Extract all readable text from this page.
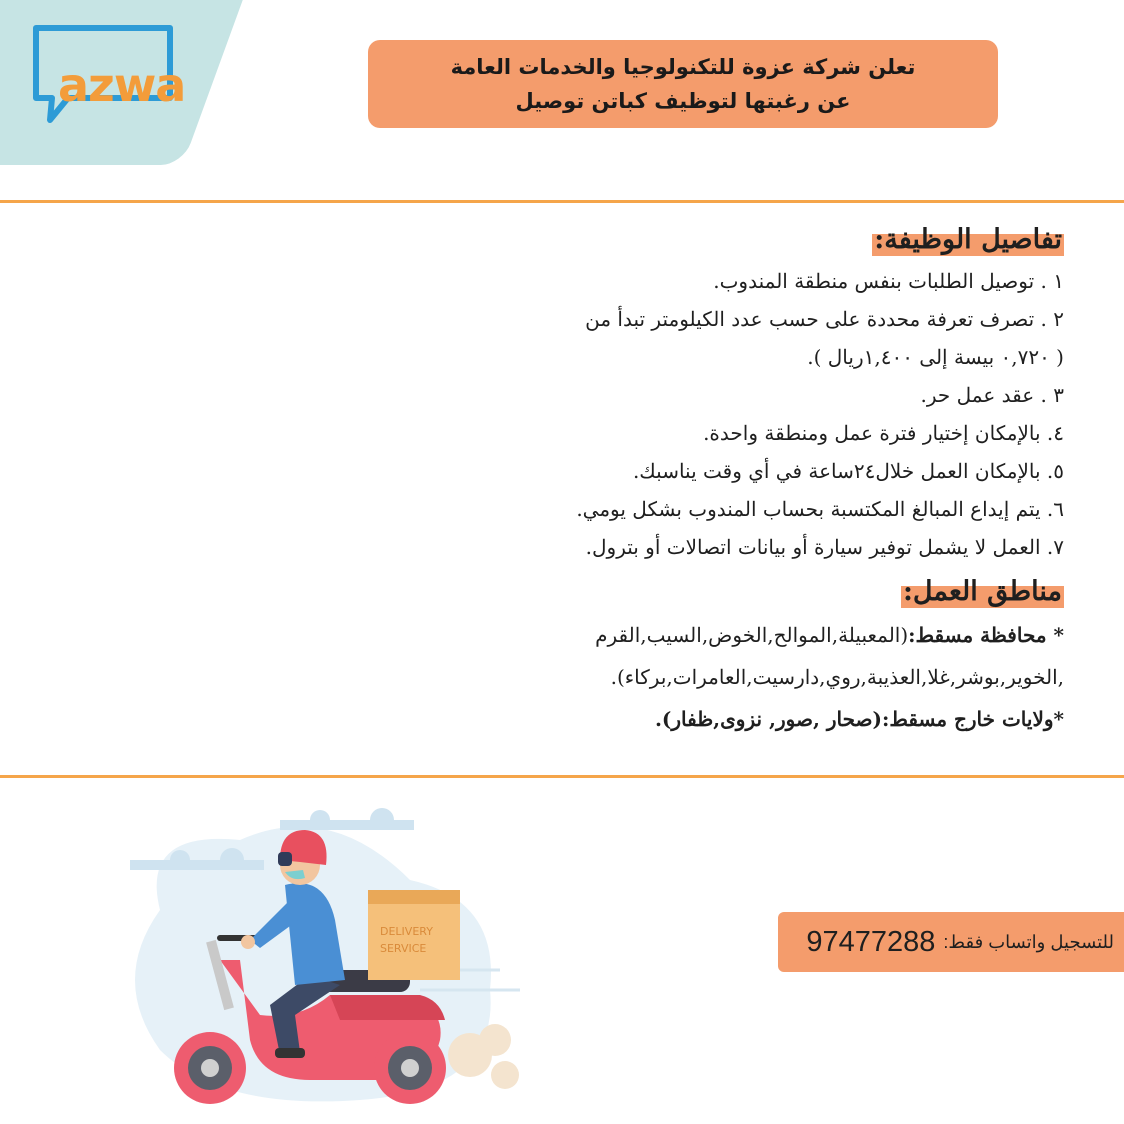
azwa	تعلن شركة عزوة للتكنولوجيا والخدمات العامة
عن رغبتها لتوظيف كباتن توصيل
تفاصيل الوظيفة:
١ . توصيل الطلبات بنفس منطقة المندوب.
٢ . تصرف تعرفة محددة على حسب عدد الكيلومتر تبدأ من
( ٠,٧٢٠ بيسة إلى ١,٤٠٠ريال ).
٣ . عقد عمل حر.
٤. بالإمكان إختيار فترة عمل ومنطقة واحدة.
٥. بالإمكان العمل خلال٢٤ساعة في أي وقت يناسبك.
٦. يتم إيداع المبالغ المكتسبة بحساب المندوب بشكل يومي.
٧. العمل لا يشمل توفير سيارة أو بيانات اتصالات أو بترول.
مناطق العمل:
* محافظة مسقط:(المعبيلة,الموالح,الخوض,السيب,القرم
,الخوير,بوشر,غلا,العذيبة,روي,دارسيت,العامرات,بركاء).
*ولايات خارج مسقط:(صحار ,صور, نزوى,ظفار).
DELIVERY
SERVICE	للتسجيل واتساب فقط:
97477288
